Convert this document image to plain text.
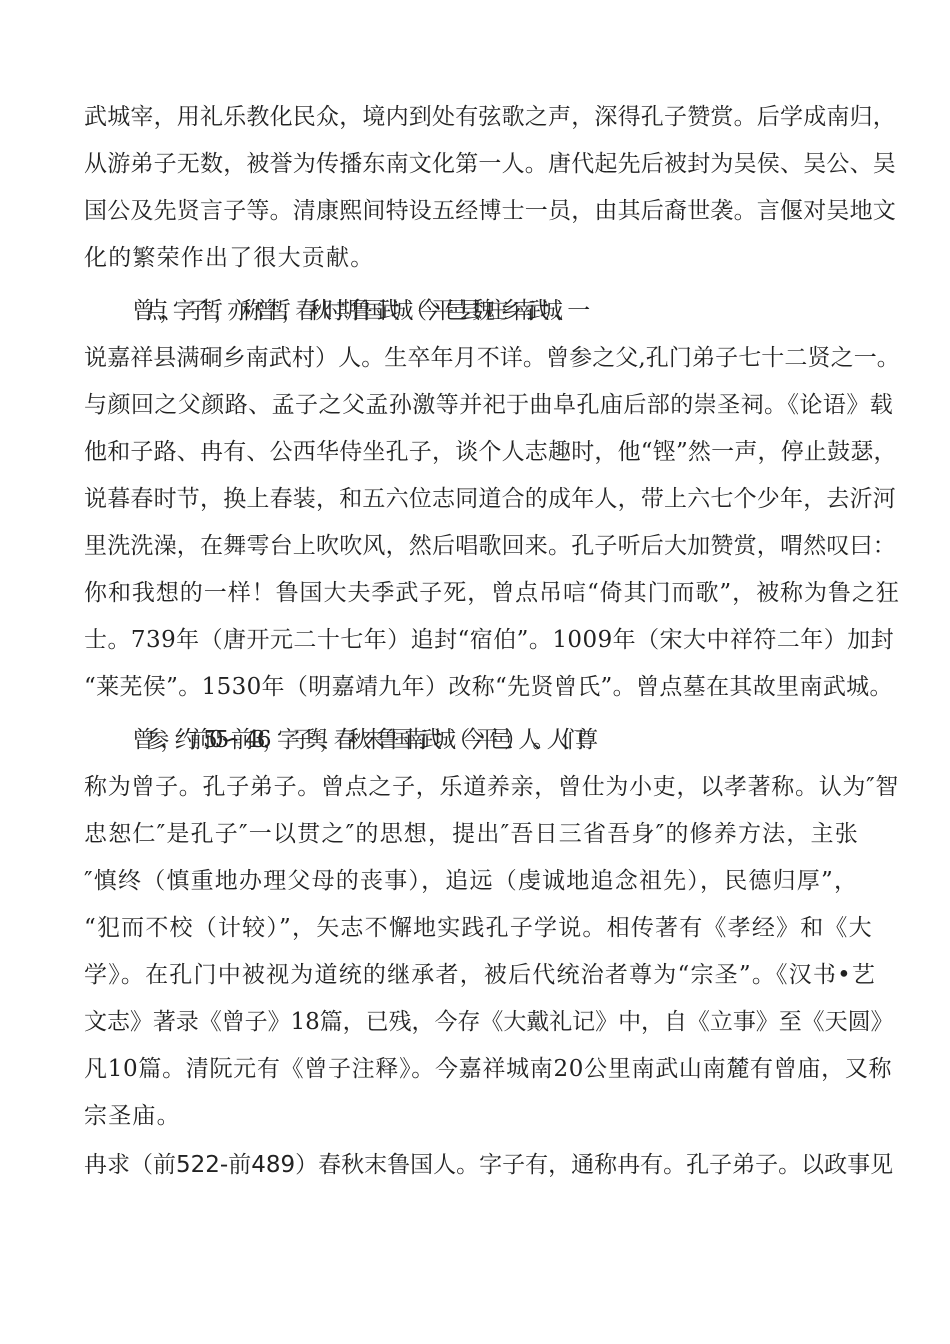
武城宰，用礼乐教化民众，境内到处有弦歌之声，深得孔子赞赏。后学成南归，
从游弟子无数，被誉为传播东南文化第一人。唐代起先后被封为吴侯、吴公、吴
国公及先贤言子等。清康熙间特设五经博士一员，由其后裔世袭。言偃对吴地文
化的繁荣作出了很大贡献。
曾点，字子皙，亦称曾皙，春秋时期鲁国武城（今平邑县魏庄乡南武城、一
说嘉祥县满硐乡南武村）人。生卒年月不详。曾参之父,孔门弟子七十二贤之一。
与颜回之父颜路、孟子之父孟孙激等并祀于曲阜孔庙后部的崇圣祠。《论语》载
他和子路、冉有、公西华侍坐孔子，谈个人志趣时，他“铿”然一声，停止鼓瑟，
说暮春时节，换上春装，和五六位志同道合的成年人，带上六七个少年，去沂河
里洗洗澡，在舞雩台上吹吹风，然后唱歌回来。孔子听后大加赞赏，喟然叹曰：
你和我想的一样！鲁国大夫季武子死，曾点吊唁“倚其门而歌”，被称为鲁之狂
士。739年（唐开元二十七年）追封“宿伯”。1009年（宋大中祥符二年）加封
“莱芜侯”。1530年（明嘉靖九年）改称“先贤曾氏”。曾点墓在其故里南武城。
曾参，约前505∽前436，字子舆，春秋末鲁国南武城（今平邑）人。人们尊
称为曾子。孔子弟子。曾点之子，乐道养亲，曾仕为小吏，以孝著称。认为″智
忠恕仁″是孔子″一以贯之″的思想，提出″吾日三省吾身″的修养方法，主张
″慎终（慎重地办理父母的丧事），追远（虔诚地追念祖先），民德归厚”，
“犯而不校（计较）”，矢志不懈地实践孔子学说。相传著有《孝经》和《大
学》。在孔门中被视为道统的继承者，被后代统治者尊为“宗圣”。《汉书•艺
文志》著录《曾子》18篇，已残，今存《大戴礼记》中，自《立事》至《天圆》
凡10篇。清阮元有《曾子注释》。今嘉祥城南20公里南武山南麓有曾庙，又称
宗圣庙。
冉求（前522-前489）春秋末鲁国人。字子有，通称冉有。孔子弟子。以政事见
